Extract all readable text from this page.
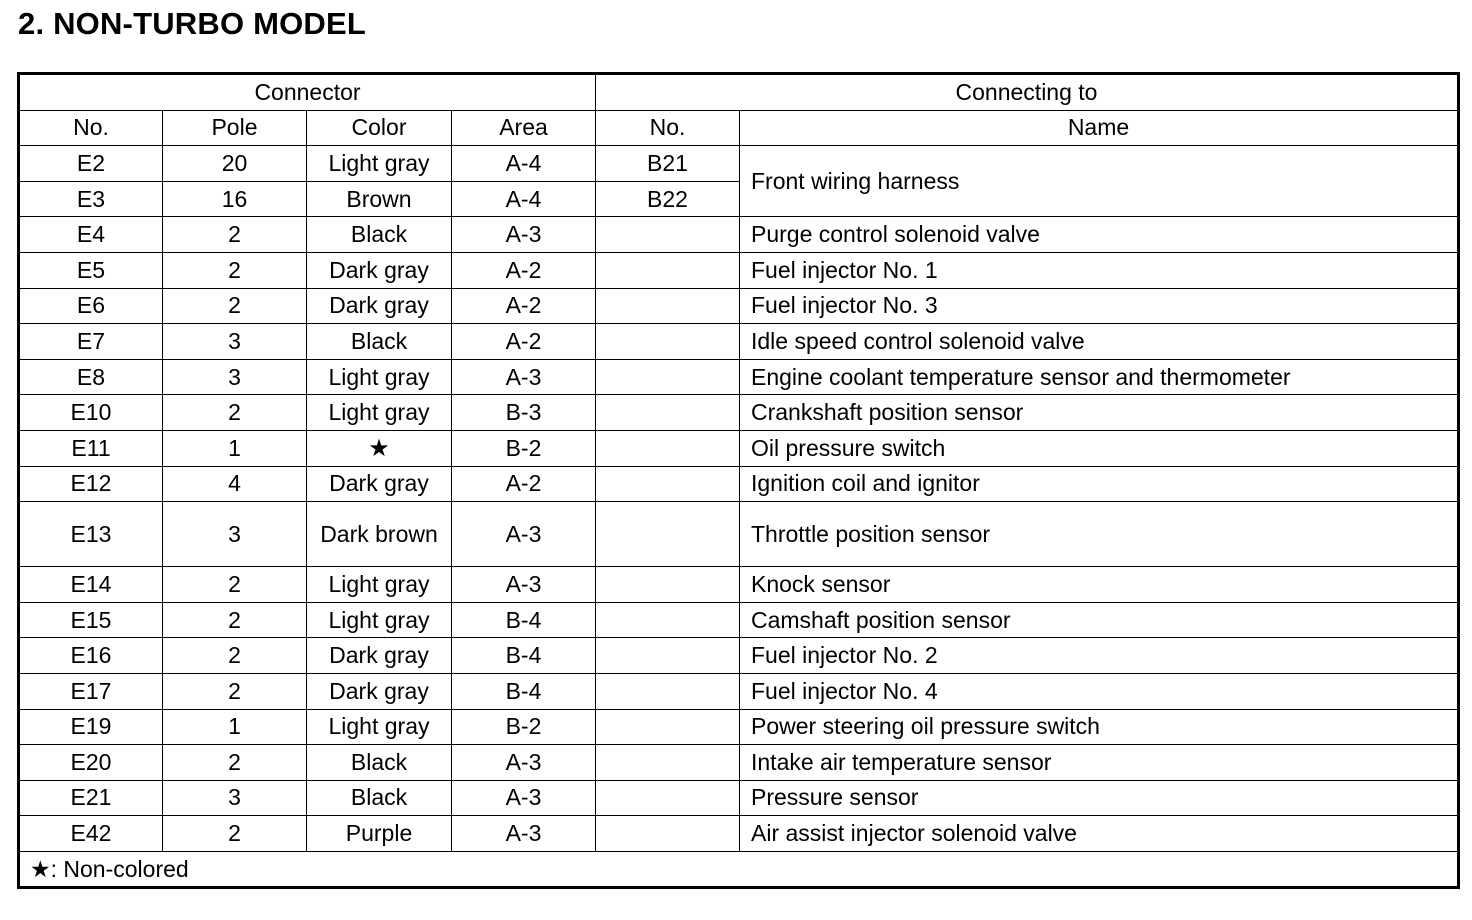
2. NON-TURBO MODEL
Connector				Connecting to	
No.	Pole	Color	Area	No.	Name
E2	20	Light gray	A-4	B21	Front wiring harness
E3	16	Brown	A-4	B22	
E4	2	Black	A-3		Purge control solenoid valve
E5	2	Dark gray	A-2		Fuel injector No. 1
E6	2	Dark gray	A-2		Fuel injector No. 3
E7	3	Black	A-2		Idle speed control solenoid valve
E8	3	Light gray	A-3		Engine coolant temperature sensor and thermometer
E10	2	Light gray	B-3		Crankshaft position sensor
E11	1	★	B-2		Oil pressure switch
E12	4	Dark gray	A-2		Ignition coil and ignitor
E13	3	Dark brown	A-3		Throttle position sensor
E14	2	Light gray	A-3		Knock sensor
E15	2	Light gray	B-4		Camshaft position sensor
E16	2	Dark gray	B-4		Fuel injector No. 2
E17	2	Dark gray	B-4		Fuel injector No. 4
E19	1	Light gray	B-2		Power steering oil pressure switch
E20	2	Black	A-3		Intake air temperature sensor
E21	3	Black	A-3		Pressure sensor
E42	2	Purple	A-3		Air assist injector solenoid valve
★: Non-colored					
